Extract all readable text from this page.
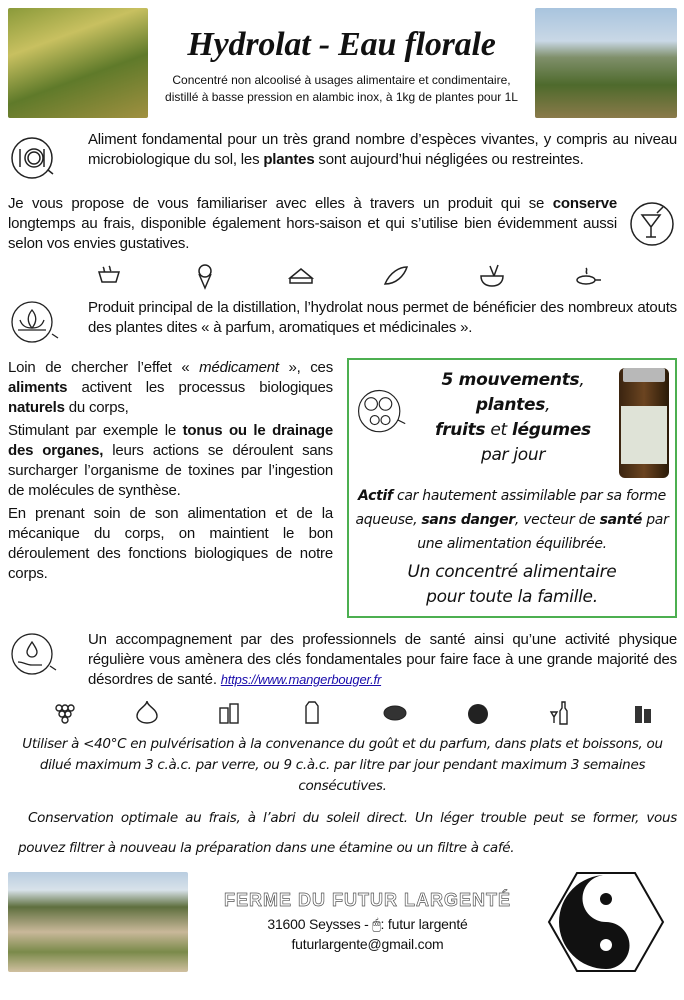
Hydrolat - Eau florale
Concentré non alcoolisé à usages alimentaire et condimentaire,
distillé à basse pression en alambic inox, à 1kg de plantes pour 1L
Aliment fondamental pour un très grand nombre d’espèces vivantes, y compris au niveau microbiologique du sol, les plantes sont aujourd’hui négligées ou restreintes.
Je vous propose de vous familiariser avec elles à travers un produit qui se conserve longtemps au frais, disponible également hors-saison et qui s’utilise bien évidemment aussi selon vos envies gustatives.
Produit principal de la distillation, l’hydrolat nous permet de bénéficier des nombreux atouts des plantes dites « à parfum, aromatiques et médicinales ».

Loin de chercher l’effet « médicament », ces aliments activent les processus biologiques naturels du corps,

Stimulant par exemple le tonus ou le drainage des organes, leurs actions se déroulent sans surcharger l’organisme de toxines par l’ingestion de molécules de synthèse.

En prenant soin de son alimentation et de la mécanique du corps, on maintient le bon déroulement des fonctions biologiques de notre corps.

5 mouvements, plantes,
fruits et légumes
par jour
Actif car hautement assimilable par sa forme aqueuse, sans danger, vecteur de santé par une alimentation équilibrée.
Un concentré alimentaire
pour toute la famille.
Un accompagnement par des professionnels de santé ainsi qu’une activité physique régulière vous amènera des clés fondamentales pour faire face à une grande majorité des désordres de santé. https://www.mangerbouger.fr
Utiliser à <40°C en pulvérisation à la convenance du goût et du parfum, dans plats et boissons, ou dilué maximum 3 c.à.c. par verre, ou 9 c.à.c. par litre par jour pendant maximum 3 semaines consécutives.
Conservation optimale au frais, à l’abri du soleil direct. Un léger trouble peut se former, vous pouvez filtrer à nouveau la préparation dans une étamine ou un filtre à café.
FERME DU FUTUR LARGENTÉ
31600 Seysses - 🖱: futur largenté
futurlargente@gmail.com
